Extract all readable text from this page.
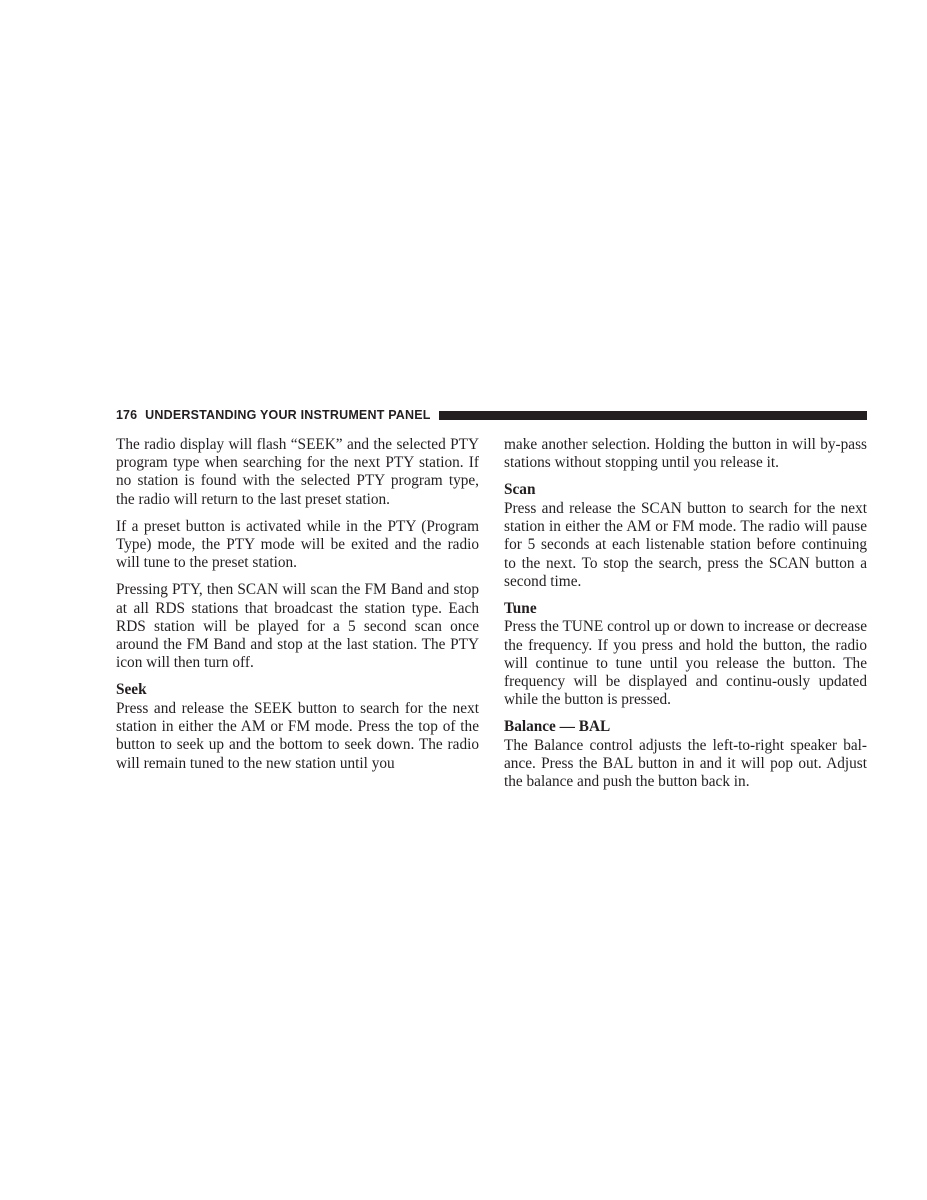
176 UNDERSTANDING YOUR INSTRUMENT PANEL

The radio display will flash “SEEK” and the selected PTY program type when searching for the next PTY station. If no station is found with the selected PTY program type, the radio will return to the last preset station.

If a preset button is activated while in the PTY (Program Type) mode, the PTY mode will be exited and the radio will tune to the preset station.

Pressing PTY, then SCAN will scan the FM Band and stop at all RDS stations that broadcast the station type. Each RDS station will be played for a 5 second scan once around the FM Band and stop at the last station. The PTY icon will then turn off.

Seek

Press and release the SEEK button to search for the next station in either the AM or FM mode. Press the top of the button to seek up and the bottom to seek down. The radio will remain tuned to the new station until you

make another selection. Holding the button in will by-pass stations without stopping until you release it.

Scan

Press and release the SCAN button to search for the next station in either the AM or FM mode. The radio will pause for 5 seconds at each listenable station before continuing to the next. To stop the search, press the SCAN button a second time.

Tune

Press the TUNE control up or down to increase or decrease the frequency. If you press and hold the button, the radio will continue to tune until you release the button. The frequency will be displayed and continu-ously updated while the button is pressed.

Balance — BAL

The Balance control adjusts the left-to-right speaker bal-ance. Press the BAL button in and it will pop out. Adjust the balance and push the button back in.
